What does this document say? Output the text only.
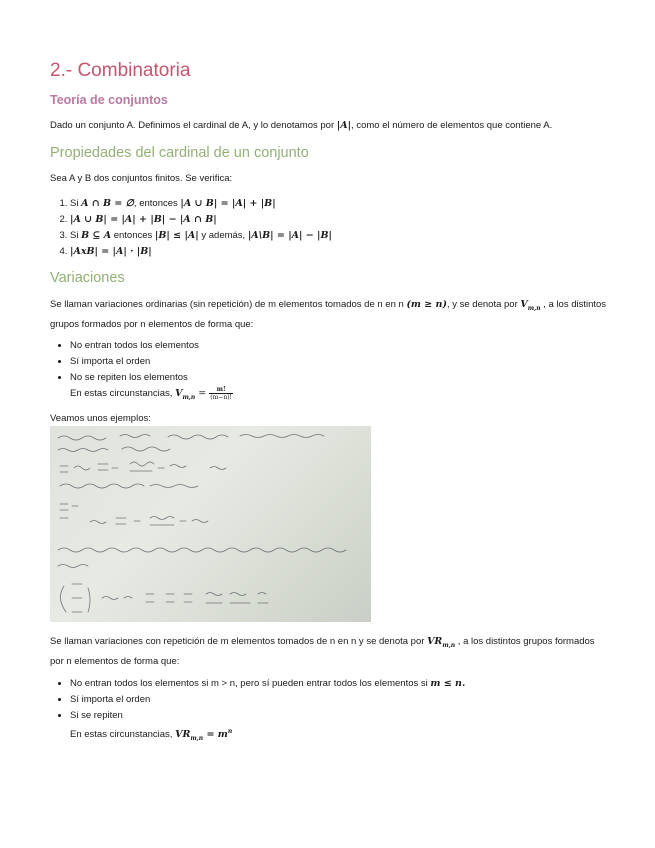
2.- Combinatoria
Teoría de conjuntos

Dado un conjunto A. Definimos el cardinal de A, y lo denotamos por |A|, como el número de elementos que contiene A.

Propiedades del cardinal de un conjunto

Sea A y B dos conjuntos finitos. Se verifica:

1. Si A ∩ B = ∅, entonces |A ∪ B| = |A| + |B|
2. |A ∪ B| = |A| + |B| − |A ∩ B|
3. Si B ⊆ A entonces |B| ≤ |A| y además, |A\B| = |A| − |B|
4. |AxB| = |A| · |B|
Variaciones

Se llaman variaciones ordinarias (sin repetición) de m elementos tomados de n en n (m ≥ n), y se denota por $V_{m,n}$ , a los distintos grupos formados por n elementos de forma que:

• No entran todos los elementos
• Sí importa el orden
• No se repiten los elementos
En estas circunstancias, $V_{m,n} = \frac{m!}{(m-n)!}$

Veamos unos ejemplos:

Se llaman variaciones con repetición de m elementos tomados de n en n y se denota por $VR_{m,n}$ , a los distintos grupos formados por n elementos de forma que:

• No entran todos los elementos si m > n, pero sí pueden entrar todos los elementos si m ≤ n.
• Sí importa el orden
• Si se repiten
En estas circunstancias, $VR_{m,n} = m^n$
